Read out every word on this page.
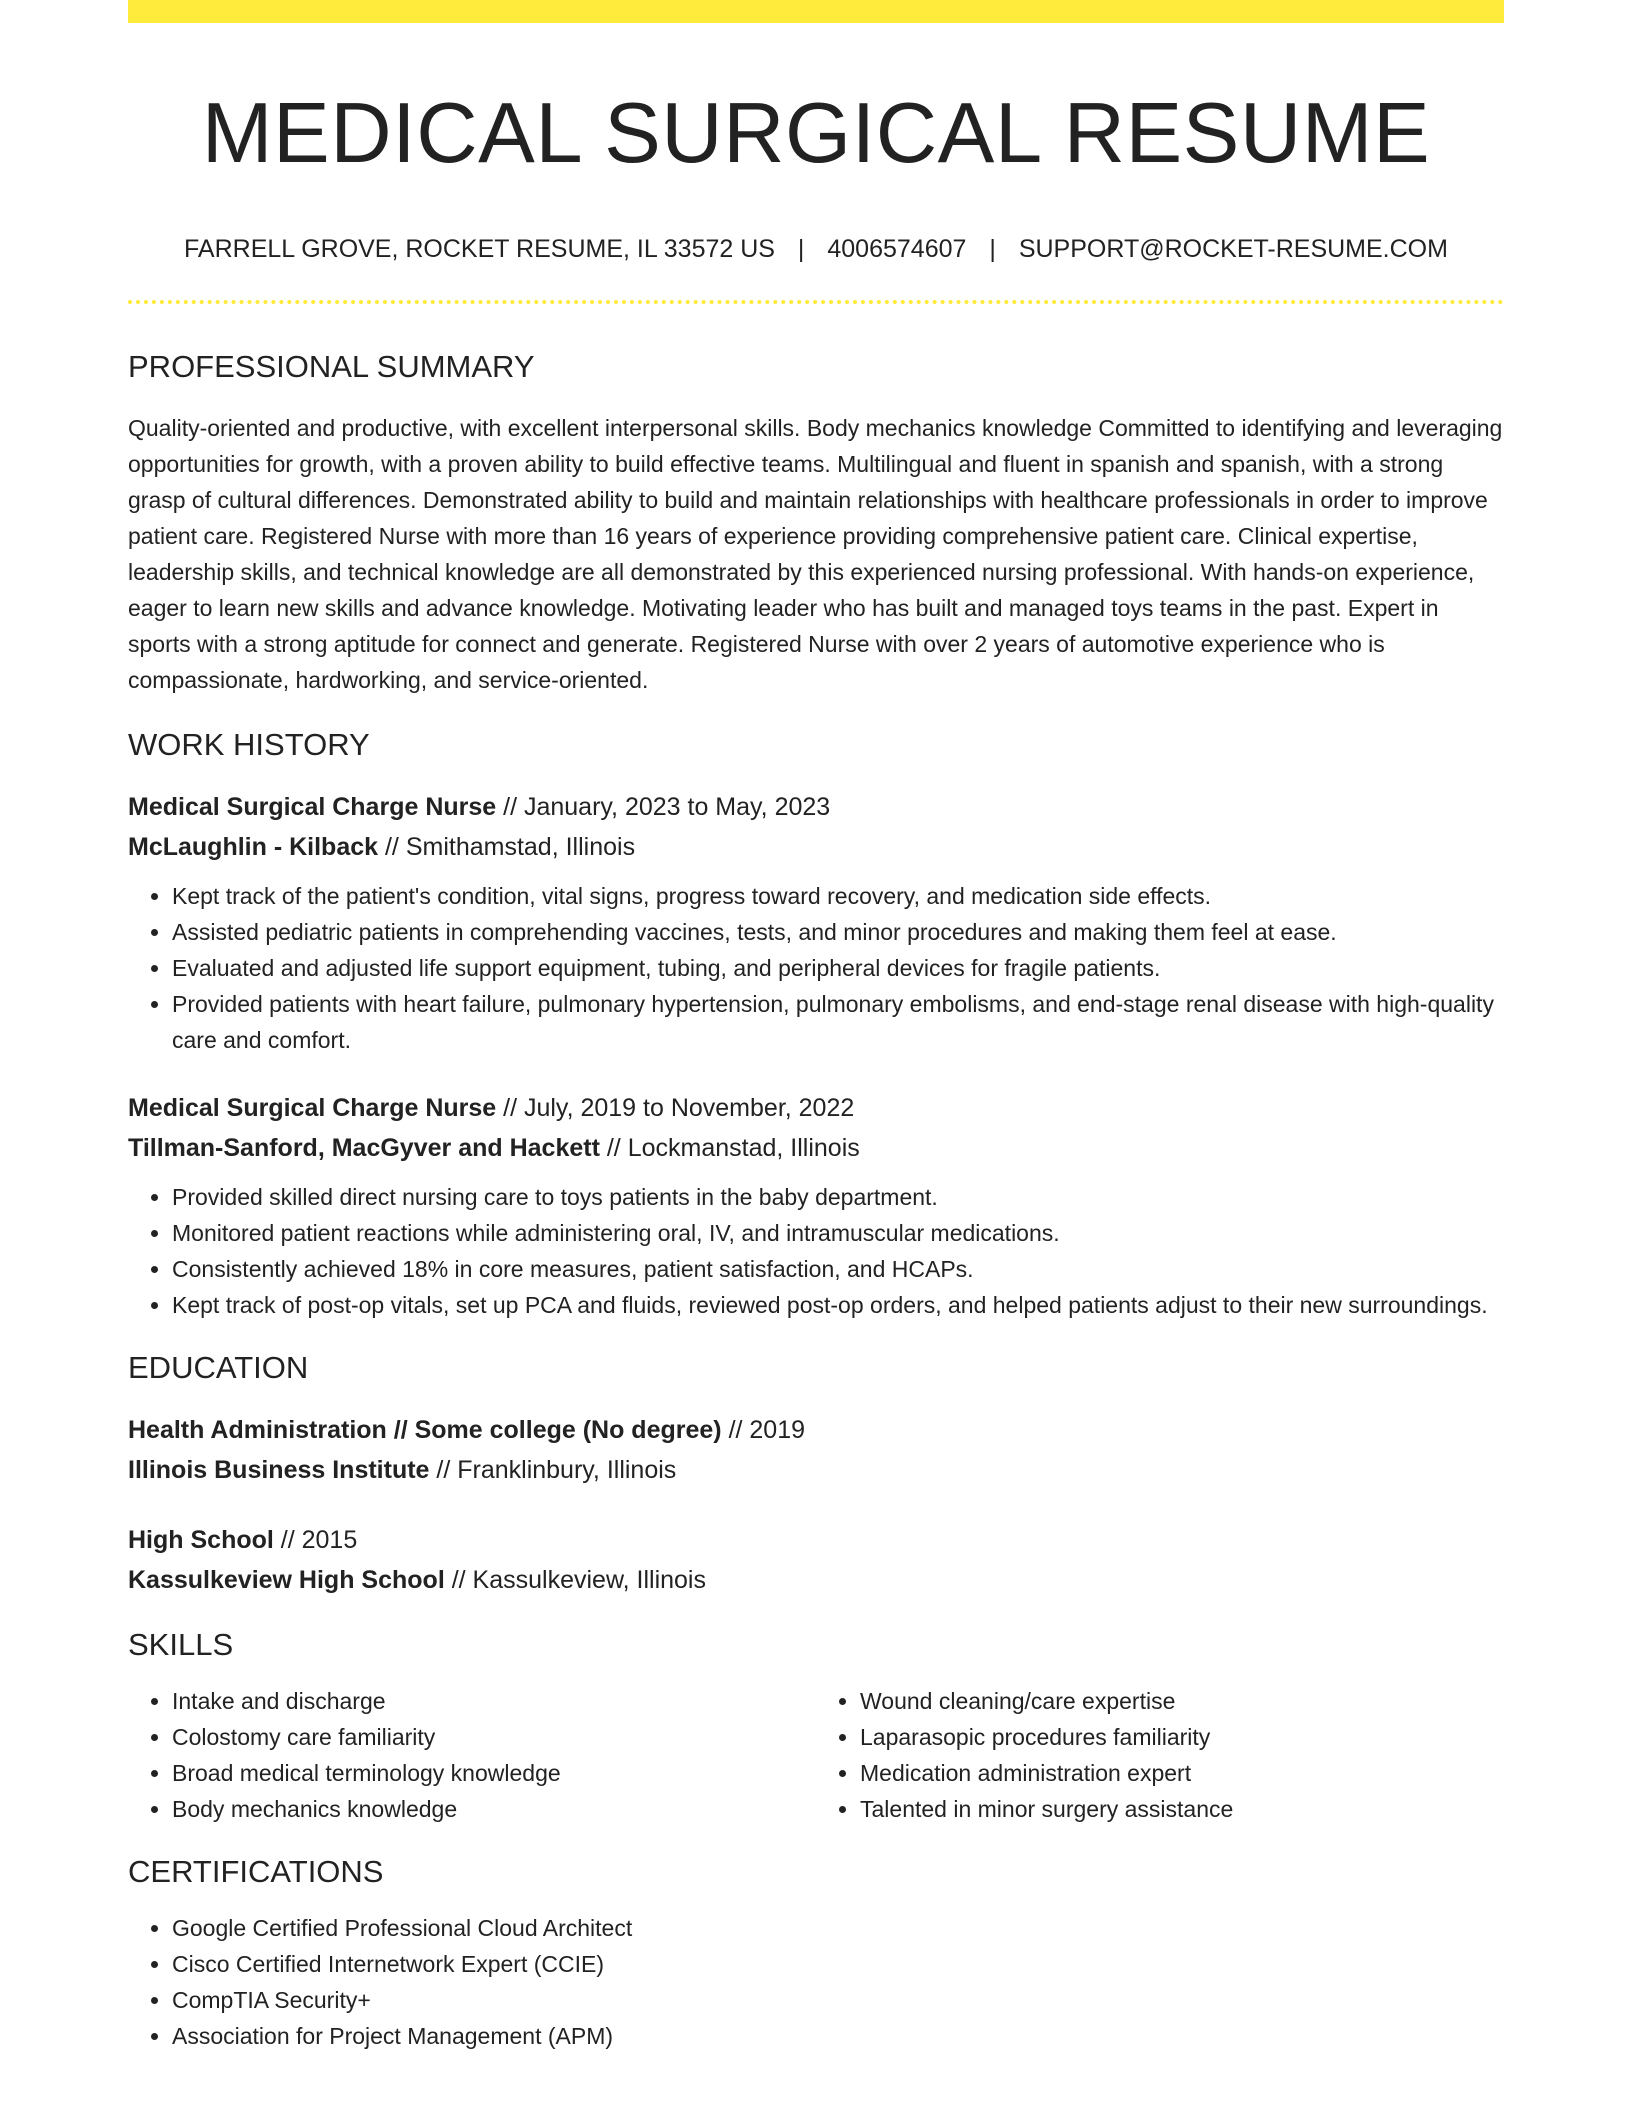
MEDICAL SURGICAL RESUME
FARRELL GROVE, ROCKET RESUME, IL 33572 US | 4006574607 | SUPPORT@ROCKET-RESUME.COM
PROFESSIONAL SUMMARY

Quality-oriented and productive, with excellent interpersonal skills. Body mechanics knowledge Committed to identifying and leveraging opportunities for growth, with a proven ability to build effective teams. Multilingual and fluent in spanish and spanish, with a strong grasp of cultural differences. Demonstrated ability to build and maintain relationships with healthcare professionals in order to improve patient care. Registered Nurse with more than 16 years of experience providing comprehensive patient care. Clinical expertise, leadership skills, and technical knowledge are all demonstrated by this experienced nursing professional. With hands-on experience, eager to learn new skills and advance knowledge. Motivating leader who has built and managed toys teams in the past. Expert in sports with a strong aptitude for connect and generate. Registered Nurse with over 2 years of automotive experience who is compassionate, hardworking, and service-oriented.

WORK HISTORY
Medical Surgical Charge Nurse // January, 2023 to May, 2023
McLaughlin - Kilback // Smithamstad, Illinois
• Kept track of the patient's condition, vital signs, progress toward recovery, and medication side effects.
• Assisted pediatric patients in comprehending vaccines, tests, and minor procedures and making them feel at ease.
• Evaluated and adjusted life support equipment, tubing, and peripheral devices for fragile patients.
• Provided patients with heart failure, pulmonary hypertension, pulmonary embolisms, and end-stage renal disease with high-quality care and comfort.
Medical Surgical Charge Nurse // July, 2019 to November, 2022
Tillman-Sanford, MacGyver and Hackett // Lockmanstad, Illinois
• Provided skilled direct nursing care to toys patients in the baby department.
• Monitored patient reactions while administering oral, IV, and intramuscular medications.
• Consistently achieved 18% in core measures, patient satisfaction, and HCAPs.
• Kept track of post-op vitals, set up PCA and fluids, reviewed post-op orders, and helped patients adjust to their new surroundings.
EDUCATION
Health Administration // Some college (No degree) // 2019
Illinois Business Institute // Franklinbury, Illinois
High School // 2015
Kassulkeview High School // Kassulkeview, Illinois
SKILLS
• Intake and discharge
• Colostomy care familiarity
• Broad medical terminology knowledge
• Body mechanics knowledge
• Wound cleaning/care expertise
• Laparasopic procedures familiarity
• Medication administration expert
• Talented in minor surgery assistance
CERTIFICATIONS
• Google Certified Professional Cloud Architect
• Cisco Certified Internetwork Expert (CCIE)
• CompTIA Security+
• Association for Project Management (APM)
